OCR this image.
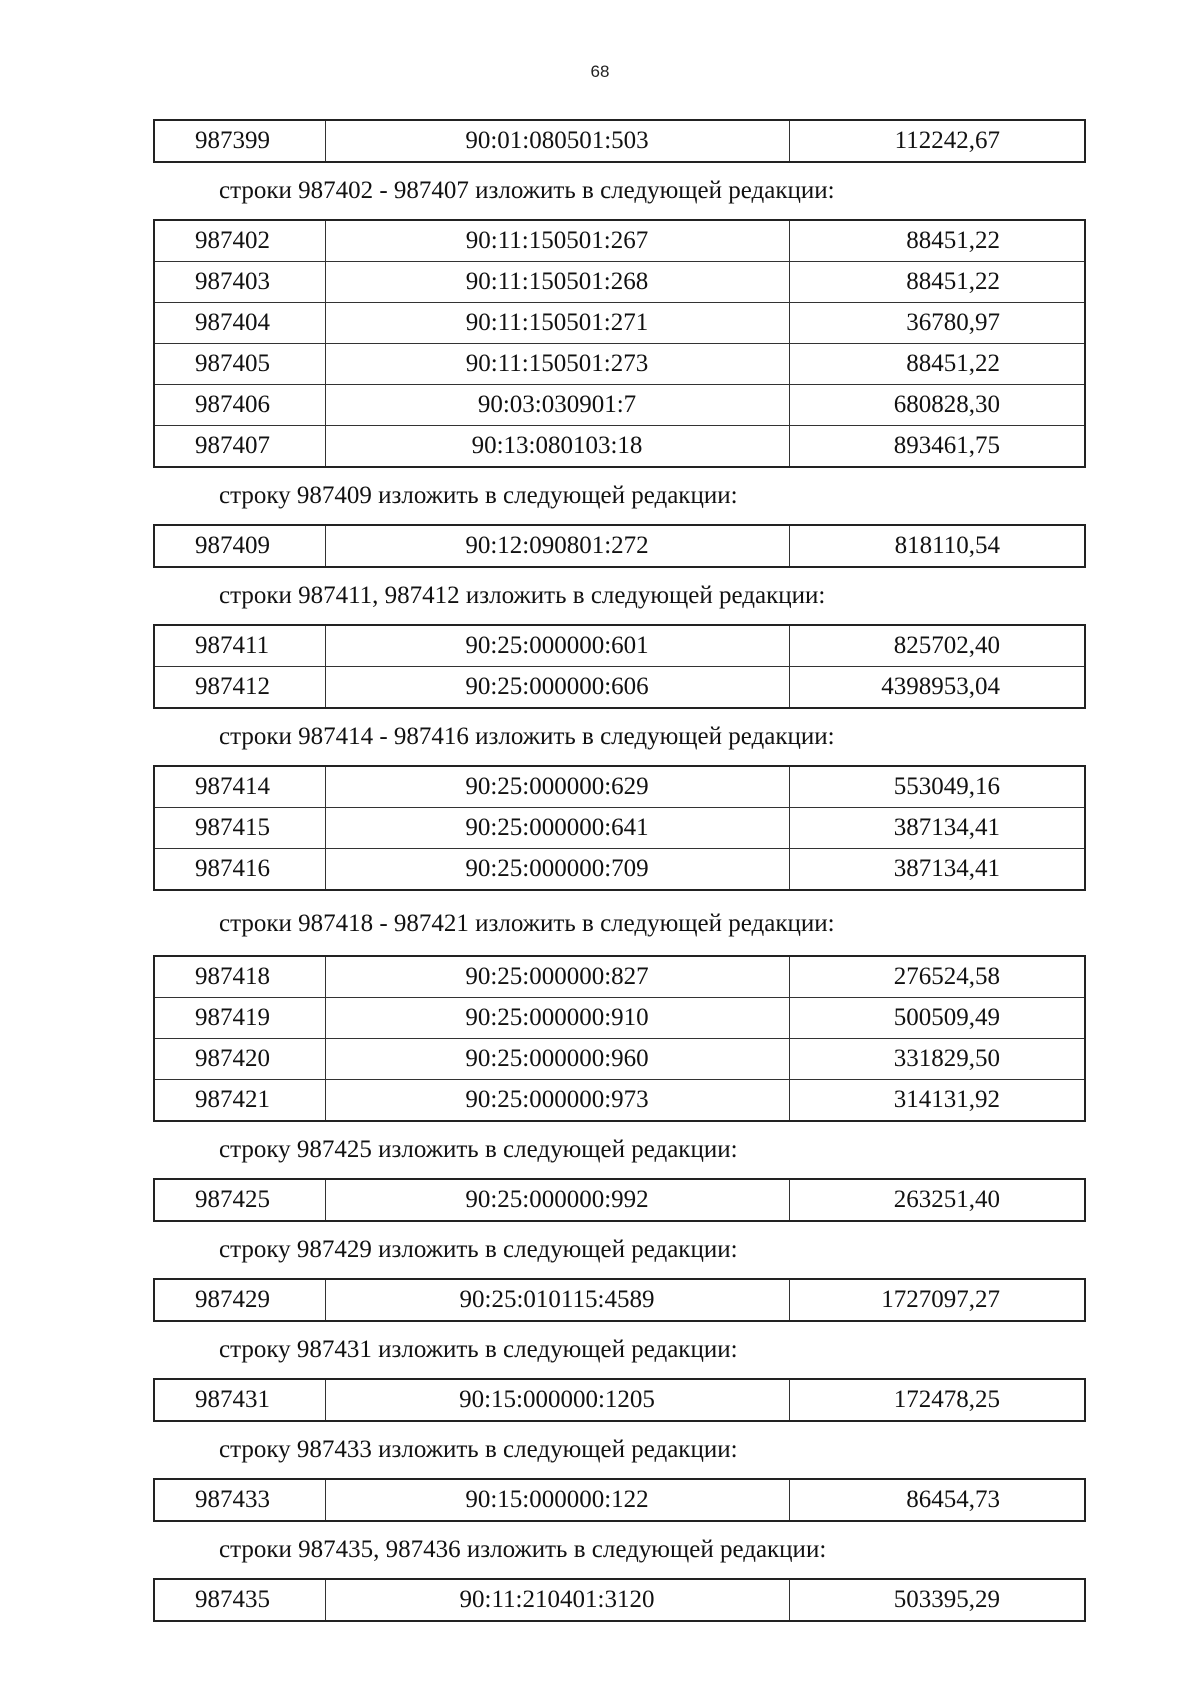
68
987399	90:01:080501:503	112242,67
строки 987402 - 987407 изложить в следующей редакции:
987402	90:11:150501:267	88451,22
987403	90:11:150501:268	88451,22
987404	90:11:150501:271	36780,97
987405	90:11:150501:273	88451,22
987406	90:03:030901:7	680828,30
987407	90:13:080103:18	893461,75
строку 987409 изложить в следующей редакции:
987409	90:12:090801:272	818110,54
строки 987411, 987412 изложить в следующей редакции:
987411	90:25:000000:601	825702,40
987412	90:25:000000:606	4398953,04
строки 987414 - 987416 изложить в следующей редакции:
987414	90:25:000000:629	553049,16
987415	90:25:000000:641	387134,41
987416	90:25:000000:709	387134,41
строки 987418 - 987421 изложить в следующей редакции:
987418	90:25:000000:827	276524,58
987419	90:25:000000:910	500509,49
987420	90:25:000000:960	331829,50
987421	90:25:000000:973	314131,92
строку 987425 изложить в следующей редакции:
987425	90:25:000000:992	263251,40
строку 987429 изложить в следующей редакции:
987429	90:25:010115:4589	1727097,27
строку 987431 изложить в следующей редакции:
987431	90:15:000000:1205	172478,25
строку 987433 изложить в следующей редакции:
987433	90:15:000000:122	86454,73
строки 987435, 987436 изложить в следующей редакции:
987435	90:11:210401:3120	503395,29
